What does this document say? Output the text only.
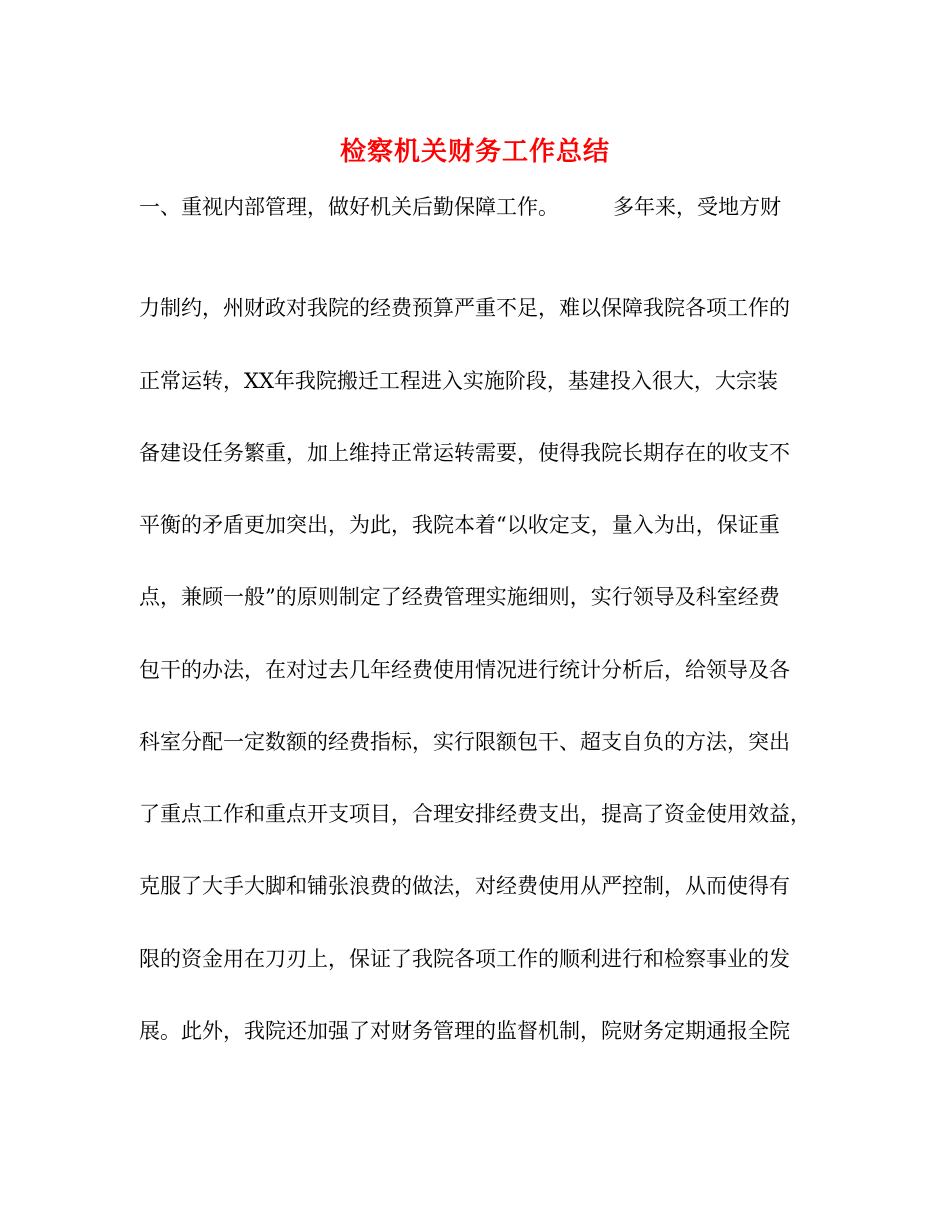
检察机关财务工作总结
一、重视内部管理，做好机关后勤保障工作。	多年来，受地方财
力制约，州财政对我院的经费预算严重不足，难以保障我院各项工作的
正常运转，XX年我院搬迁工程进入实施阶段，基建投入很大，大宗装
备建设任务繁重，加上维持正常运转需要，使得我院长期存在的收支不
平衡的矛盾更加突出，为此，我院本着“以收定支，量入为出，保证重
点，兼顾一般”的原则制定了经费管理实施细则，实行领导及科室经费
包干的办法，在对过去几年经费使用情况进行统计分析后，给领导及各
科室分配一定数额的经费指标，实行限额包干、超支自负的方法，突出
了重点工作和重点开支项目，合理安排经费支出，提高了资金使用效益，
克服了大手大脚和铺张浪费的做法，对经费使用从严控制，从而使得有
限的资金用在刀刃上，保证了我院各项工作的顺利进行和检察事业的发
展。此外，我院还加强了对财务管理的监督机制，院财务定期通报全院
